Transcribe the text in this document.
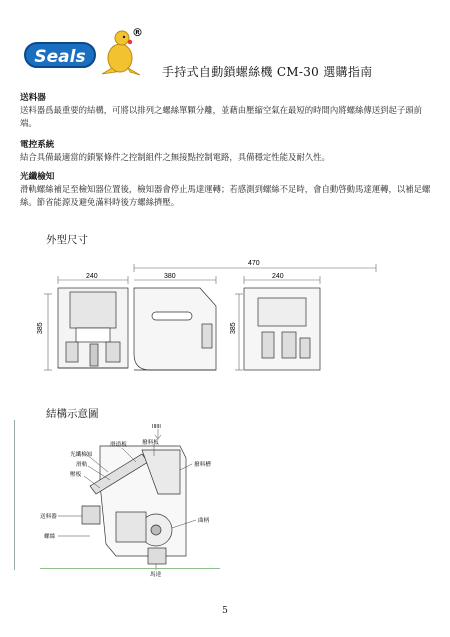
Seals
®
手持式自動鎖螺絲機 CM-30 選購指南
送料器
送料器爲最重要的結構，可將以排列之螺絲單顆分離，並藉由壓縮空氣在最短的時間內將螺絲傳送到起子頭前端。
電控系統
結合具備最適當的鎖緊條件之控制組件之無接點控制電路，具備穩定性能及耐久性。
光纖檢知
滑軌螺絲補足至檢知器位置後，檢知器會停止馬達運轉；若感測到螺絲不足時，會自動啓動馬達運轉，以補足螺絲。節省能源及避免滿料時後方螺絲擠壓。
外型尺寸
470
240	380	240
385	385
結構示意圖
IIIIII
滑道板	撥料板
光纖檢知
滑軌
壓板
撥料槽
送料器
螺絲
曲柄
馬達
5
